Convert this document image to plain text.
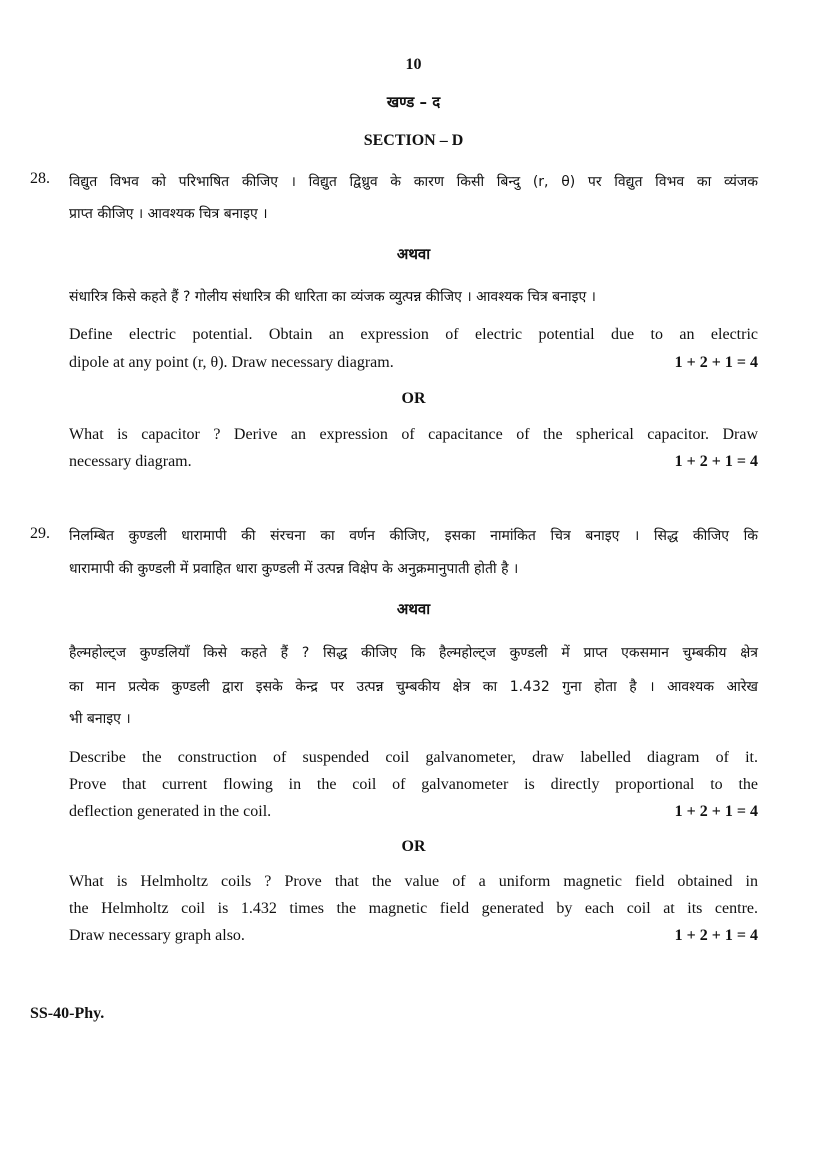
10
खण्ड – द
SECTION – D
28. विद्युत विभव को परिभाषित कीजिए । विद्युत द्विध्रुव के कारण किसी बिन्दु (r, θ) पर विद्युत विभव का व्यंजक
प्राप्त कीजिए । आवश्यक चित्र बनाइए ।
अथवा
संधारित्र किसे कहते हैं ? गोलीय संधारित्र की धारिता का व्यंजक व्युत्पन्न कीजिए । आवश्यक चित्र बनाइए ।
Define electric potential. Obtain an expression of electric potential due to an electric
dipole at any point (r, θ). Draw necessary diagram.	1 + 2 + 1 = 4
OR
What is capacitor ? Derive an expression of capacitance of the spherical capacitor. Draw
necessary diagram.	1 + 2 + 1 = 4
29. निलम्बित कुण्डली धारामापी की संरचना का वर्णन कीजिए, इसका नामांकित चित्र बनाइए । सिद्ध कीजिए कि
धारामापी की कुण्डली में प्रवाहित धारा कुण्डली में उत्पन्न विक्षेप के अनुक्रमानुपाती होती है ।
अथवा
हैल्महोल्ट्ज कुण्डलियाँ किसे कहते हैं ? सिद्ध कीजिए कि हैल्महोल्ट्ज कुण्डली में प्राप्त एकसमान चुम्बकीय क्षेत्र
का मान प्रत्येक कुण्डली द्वारा इसके केन्द्र पर उत्पन्न चुम्बकीय क्षेत्र का 1.432 गुना होता है । आवश्यक आरेख
भी बनाइए ।
Describe the construction of suspended coil galvanometer, draw labelled diagram of it.
Prove that current flowing in the coil of galvanometer is directly proportional to the
deflection generated in the coil.	1 + 2 + 1 = 4
OR
What is Helmholtz coils ? Prove that the value of a uniform magnetic field obtained in
the Helmholtz coil is 1.432 times the magnetic field generated by each coil at its centre.
Draw necessary graph also.	1 + 2 + 1 = 4
SS-40-Phy.
